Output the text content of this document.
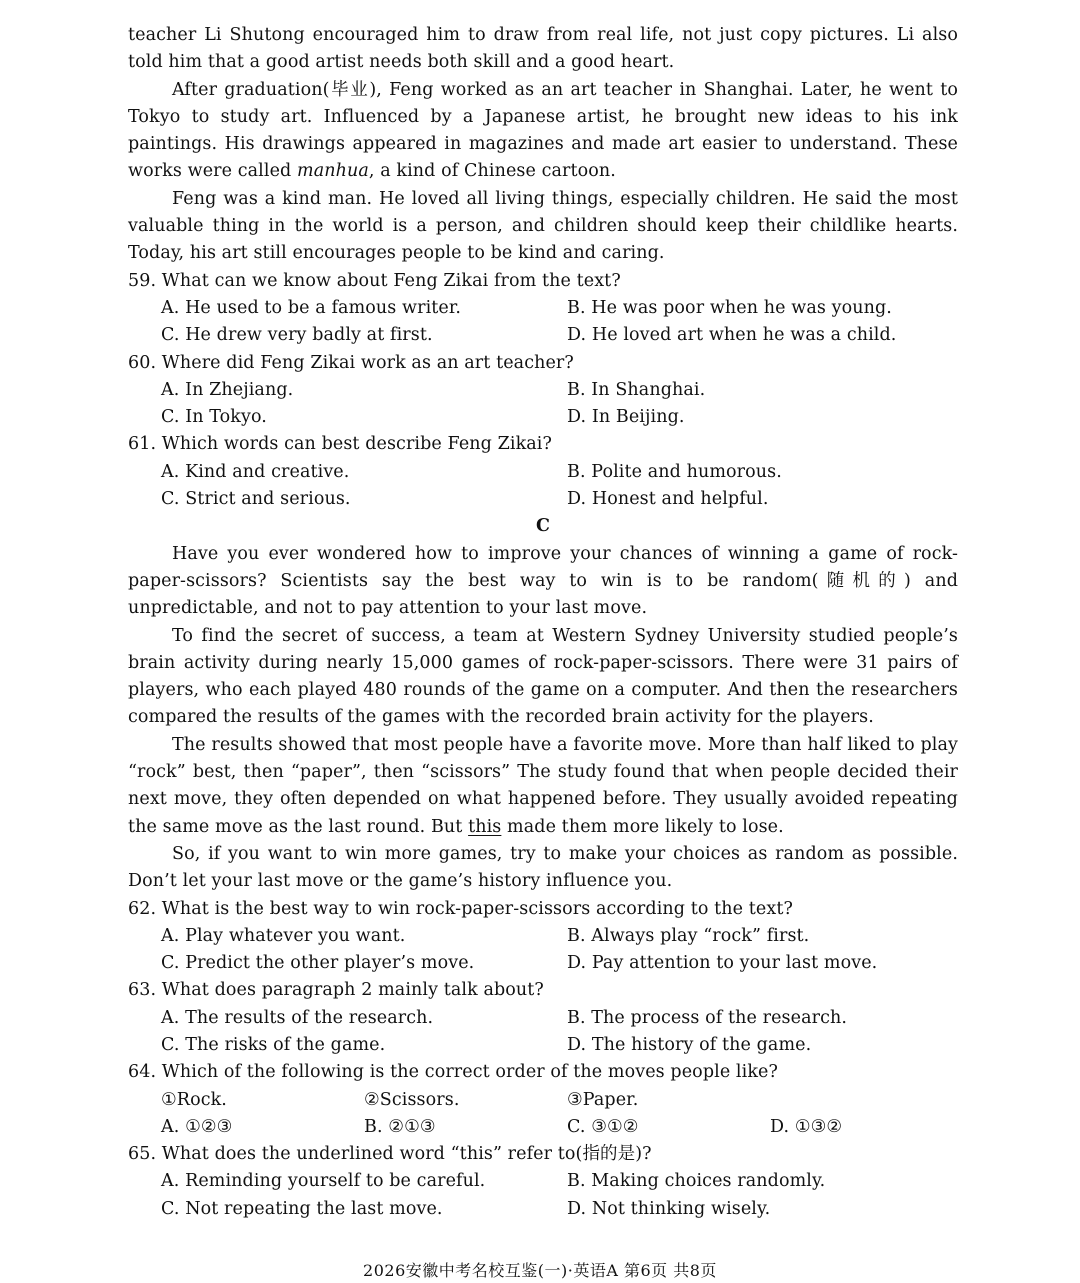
teacher Li Shutong encouraged him to draw from real life, not just copy pictures. Li also told him that a good artist needs both skill and a good heart.

After graduation(毕业), Feng worked as an art teacher in Shanghai. Later, he went to Tokyo to study art. Influenced by a Japanese artist, he brought new ideas to his ink paintings. His drawings appeared in magazines and made art easier to understand. These works were called manhua, a kind of Chinese cartoon.

Feng was a kind man. He loved all living things, especially children. He said the most valuable thing in the world is a person, and children should keep their childlike hearts. Today, his art still encourages people to be kind and caring.

59. What can we know about Feng Zikai from the text?

A. He used to be a famous writer.	B. He was poor when he was young.
C. He drew very badly at first.	D. He loved art when he was a child.

60. Where did Feng Zikai work as an art teacher?

A. In Zhejiang.	B. In Shanghai.
C. In Tokyo.	D. In Beijing.

61. Which words can best describe Feng Zikai?

A. Kind and creative.	B. Polite and humorous.
C. Strict and serious.	D. Honest and helpful.

C

Have you ever wondered how to improve your chances of winning a game of rock-paper-scissors? Scientists say the best way to win is to be random(随机的) and unpredictable, and not to pay attention to your last move.

To find the secret of success, a team at Western Sydney University studied people’s brain activity during nearly 15,000 games of rock-paper-scissors. There were 31 pairs of players, who each played 480 rounds of the game on a computer. And then the researchers compared the results of the games with the recorded brain activity for the players.

The results showed that most people have a favorite move. More than half liked to play “rock” best, then “paper”, then “scissors” The study found that when people decided their next move, they often depended on what happened before. They usually avoided repeating the same move as the last round. But this made them more likely to lose.

So, if you want to win more games, try to make your choices as random as possible. Don’t let your last move or the game’s history influence you.

62. What is the best way to win rock-paper-scissors according to the text?

A. Play whatever you want.	B. Always play “rock” first.
C. Predict the other player’s move.	D. Pay attention to your last move.

63. What does paragraph 2 mainly talk about?

A. The results of the research.	B. The process of the research.
C. The risks of the game.	D. The history of the game.

64. Which of the following is the correct order of the moves people like?

①Rock.	②Scissors.	③Paper.
A. ①②③	B. ②①③	C. ③①②	D. ①③②

65. What does the underlined word “this” refer to(指的是)?

A. Reminding yourself to be careful.	B. Making choices randomly.
C. Not repeating the last move.	D. Not thinking wisely.
2026安徽中考名校互鉴(一)·英语A 第6页 共8页
